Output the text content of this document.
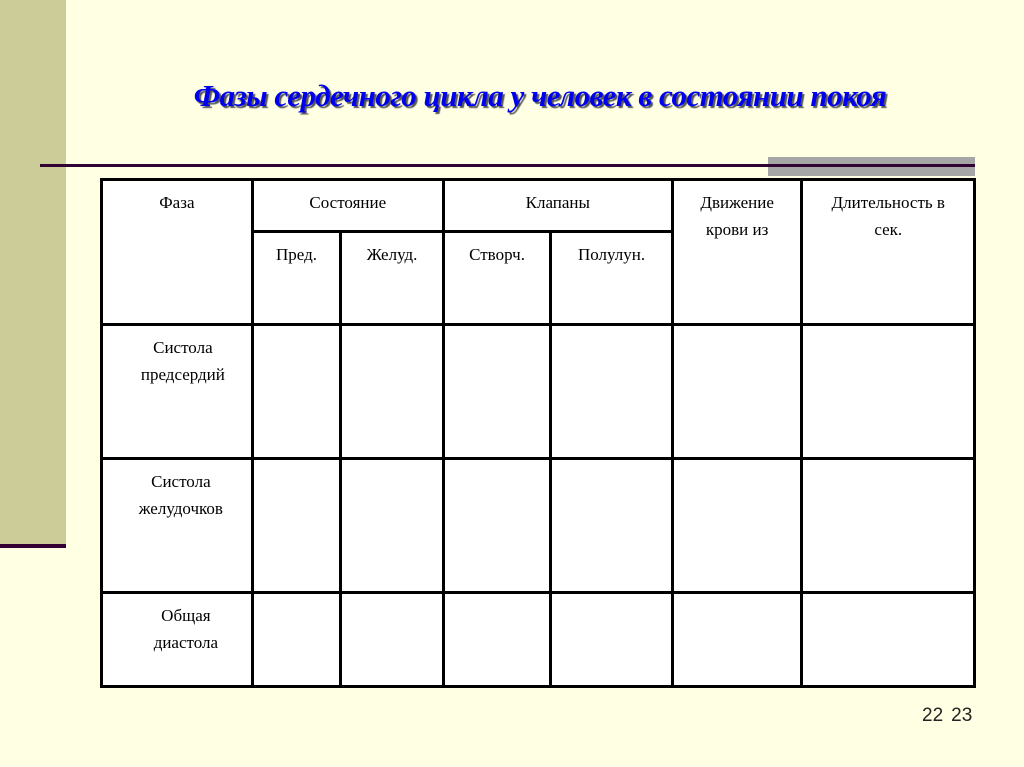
Фазы сердечного цикла у человек в состоянии покоя
Фаза	Состояние		Клапаны		Движение крови из	Длительность в сек.
	Пред.	Желуд.	Створч.	Полулун.		
Систола предсердий						
Систола желудочков						
Общая диастола						
22 23
